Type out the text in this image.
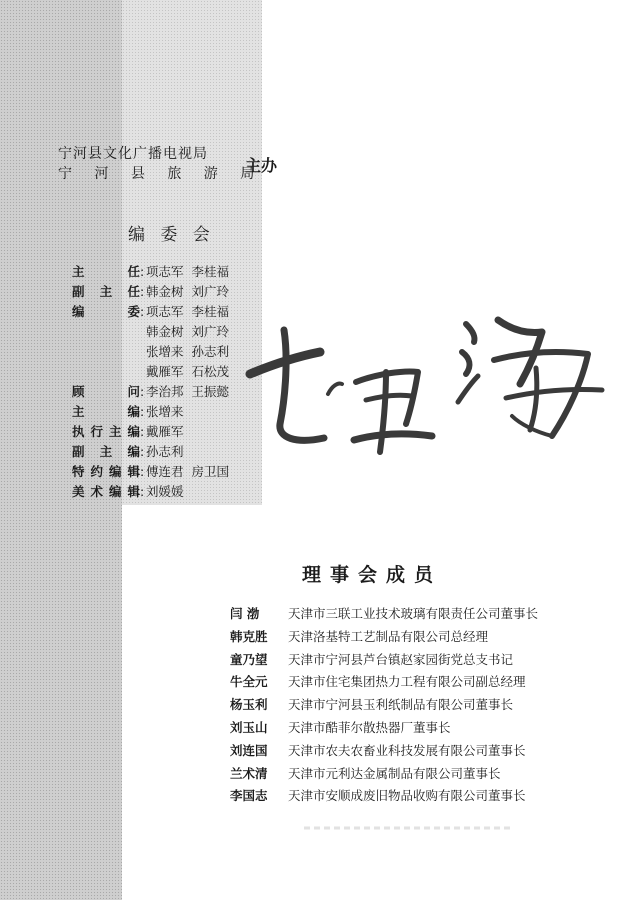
宁河县文化广播电视局
宁 河 县 旅 游 局
主办
编 委 会
主任 : 项志军 李桂福
副主任 : 韩金树 刘广玲
编委 : 项志军 李桂福
韩金树 刘广玲
张增来 孙志利
戴雁军 石松茂
顾问 : 李治邦 王振懿
主编 : 张增来
执行主编 : 戴雁军
副主编 : 孙志利
特约编辑 : 傅连君 房卫国
美术编辑 : 刘媛媛
理事会成员
闫 渤	天津市三联工业技术玻璃有限责任公司董事长
韩克胜	天津洛基特工艺制品有限公司总经理
童乃望	天津市宁河县芦台镇赵家园街党总支书记
牛全元	天津市住宅集团热力工程有限公司副总经理
杨玉利	天津市宁河县玉利纸制品有限公司董事长
刘玉山	天津市酷菲尔散热器厂董事长
刘连国	天津市农夫农畜业科技发展有限公司董事长
兰术清	天津市元利达金属制品有限公司董事长
李国志	天津市安顺成废旧物品收购有限公司董事长
